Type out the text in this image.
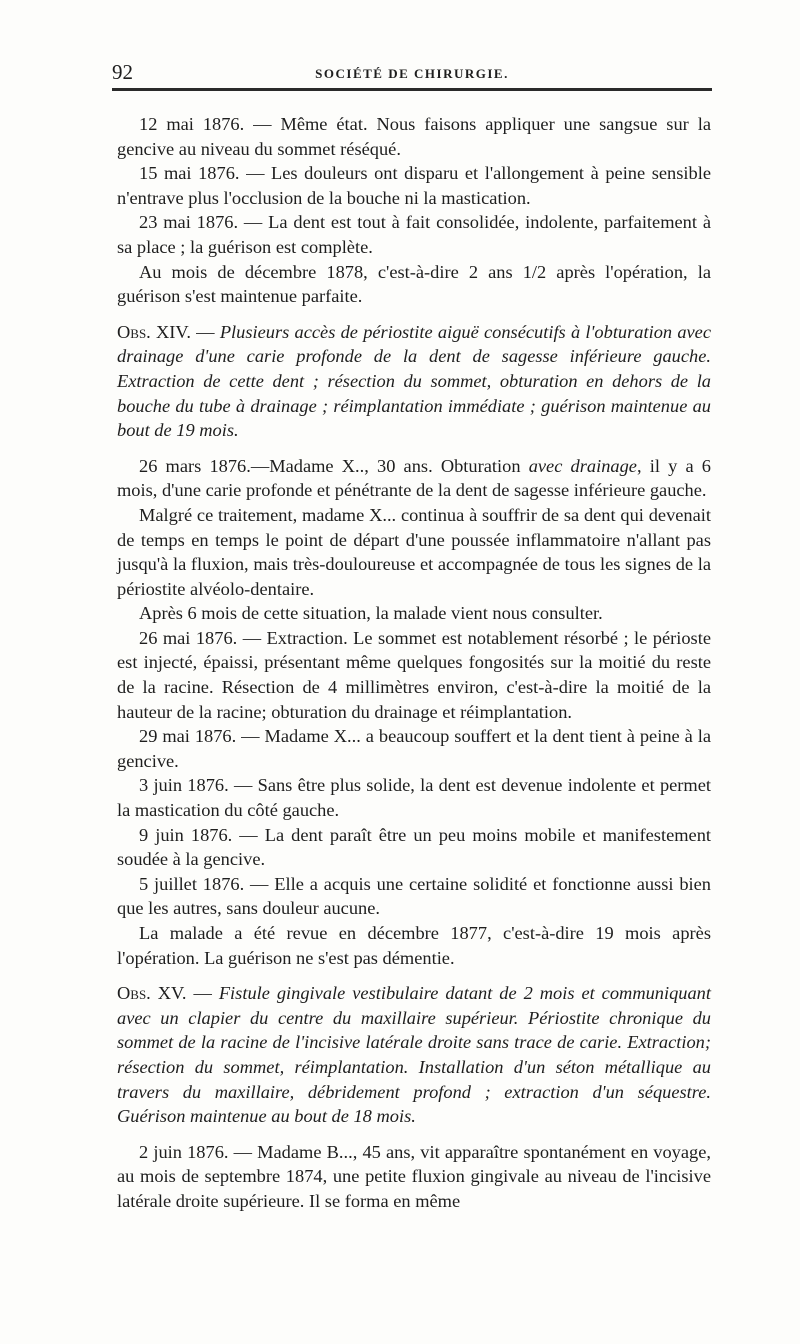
92	SOCIÉTÉ DE CHIRURGIE.

12 mai 1876. — Même état. Nous faisons appliquer une sangsue sur la gencive au niveau du sommet réséqué.

15 mai 1876. — Les douleurs ont disparu et l'allongement à peine sensible n'entrave plus l'occlusion de la bouche ni la mastication.

23 mai 1876. — La dent est tout à fait consolidée, indolente, parfaitement à sa place ; la guérison est complète.

Au mois de décembre 1878, c'est-à-dire 2 ans 1/2 après l'opération, la guérison s'est maintenue parfaite.

Obs. XIV. — Plusieurs accès de périostite aiguë consécutifs à l'obturation avec drainage d'une carie profonde de la dent de sagesse inférieure gauche. Extraction de cette dent ; résection du sommet, obturation en dehors de la bouche du tube à drainage ; réimplantation immédiate ; guérison maintenue au bout de 19 mois.

26 mars 1876.—Madame X.., 30 ans. Obturation avec drainage, il y a 6 mois, d'une carie profonde et pénétrante de la dent de sagesse inférieure gauche.

Malgré ce traitement, madame X... continua à souffrir de sa dent qui devenait de temps en temps le point de départ d'une poussée inflammatoire n'allant pas jusqu'à la fluxion, mais très-douloureuse et accompagnée de tous les signes de la périostite alvéolo-dentaire.

Après 6 mois de cette situation, la malade vient nous consulter.

26 mai 1876. — Extraction. Le sommet est notablement résorbé ; le périoste est injecté, épaissi, présentant même quelques fongosités sur la moitié du reste de la racine. Résection de 4 millimètres environ, c'est-à-dire la moitié de la hauteur de la racine; obturation du drainage et réimplantation.

29 mai 1876. — Madame X... a beaucoup souffert et la dent tient à peine à la gencive.

3 juin 1876. — Sans être plus solide, la dent est devenue indolente et permet la mastication du côté gauche.

9 juin 1876. — La dent paraît être un peu moins mobile et manifestement soudée à la gencive.

5 juillet 1876. — Elle a acquis une certaine solidité et fonctionne aussi bien que les autres, sans douleur aucune.

La malade a été revue en décembre 1877, c'est-à-dire 19 mois après l'opération. La guérison ne s'est pas démentie.

Obs. XV. — Fistule gingivale vestibulaire datant de 2 mois et communiquant avec un clapier du centre du maxillaire supérieur. Périostite chronique du sommet de la racine de l'incisive latérale droite sans trace de carie. Extraction; résection du sommet, réimplantation. Installation d'un séton métallique au travers du maxillaire, débridement profond ; extraction d'un séquestre. Guérison maintenue au bout de 18 mois.

2 juin 1876. — Madame B..., 45 ans, vit apparaître spontanément en voyage, au mois de septembre 1874, une petite fluxion gingivale au niveau de l'incisive latérale droite supérieure. Il se forma en même
